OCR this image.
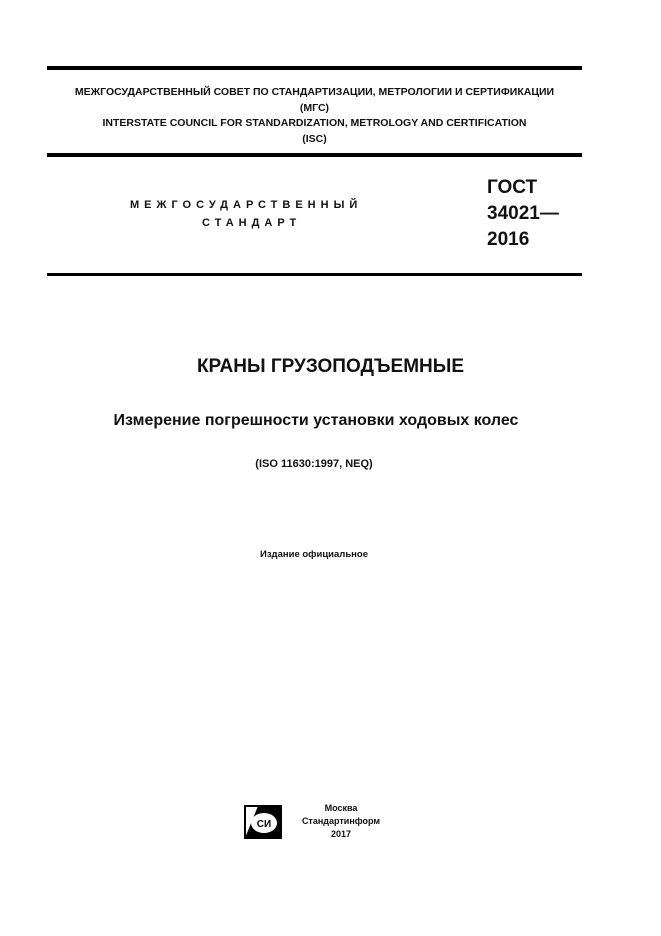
МЕЖГОСУДАРСТВЕННЫЙ СОВЕТ ПО СТАНДАРТИЗАЦИИ, МЕТРОЛОГИИ И СЕРТИФИКАЦИИ
(МГС)
INTERSTATE COUNCIL FOR STANDARDIZATION, METROLOGY AND CERTIFICATION
(ISC)
МЕЖГОСУДАРСТВЕННЫЙ
СТАНДАРТ
ГОСТ
34021—
2016
КРАНЫ ГРУЗОПОДЪЕМНЫЕ
Измерение погрешности установки ходовых колес
(ISO 11630:1997, NEQ)
Издание официальное
СИ
Москва
Стандартинформ
2017
